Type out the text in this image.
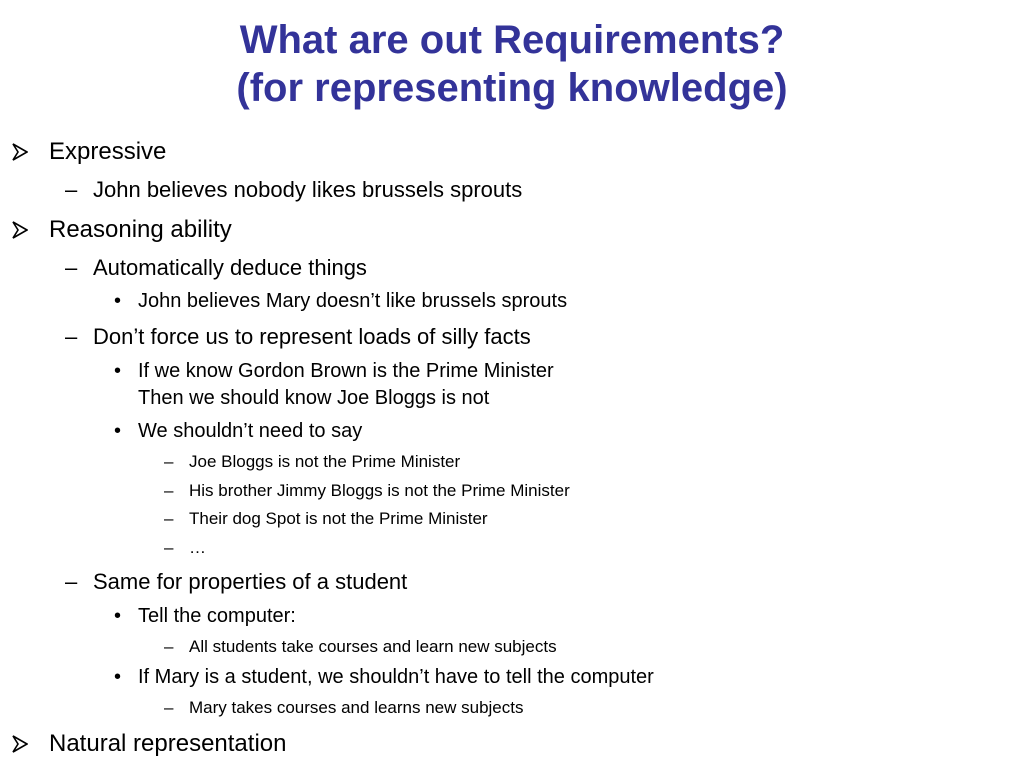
What are out Requirements?
(for representing knowledge)
Expressive
– John believes nobody likes brussels sprouts
Reasoning ability
– Automatically deduce things
• John believes Mary doesn’t like brussels sprouts
– Don’t force us to represent loads of silly facts
• If we know Gordon Brown is the Prime Minister
Then we should know Joe Bloggs is not
• We shouldn’t need to say
– Joe Bloggs is not the Prime Minister
– His brother Jimmy Bloggs is not the Prime Minister
– Their dog Spot is not the Prime Minister
– …
– Same for properties of a student
• Tell the computer:
– All students take courses and learn new subjects
• If Mary is a student, we shouldn’t have to tell the computer
– Mary takes courses and learns new subjects
Natural representation
